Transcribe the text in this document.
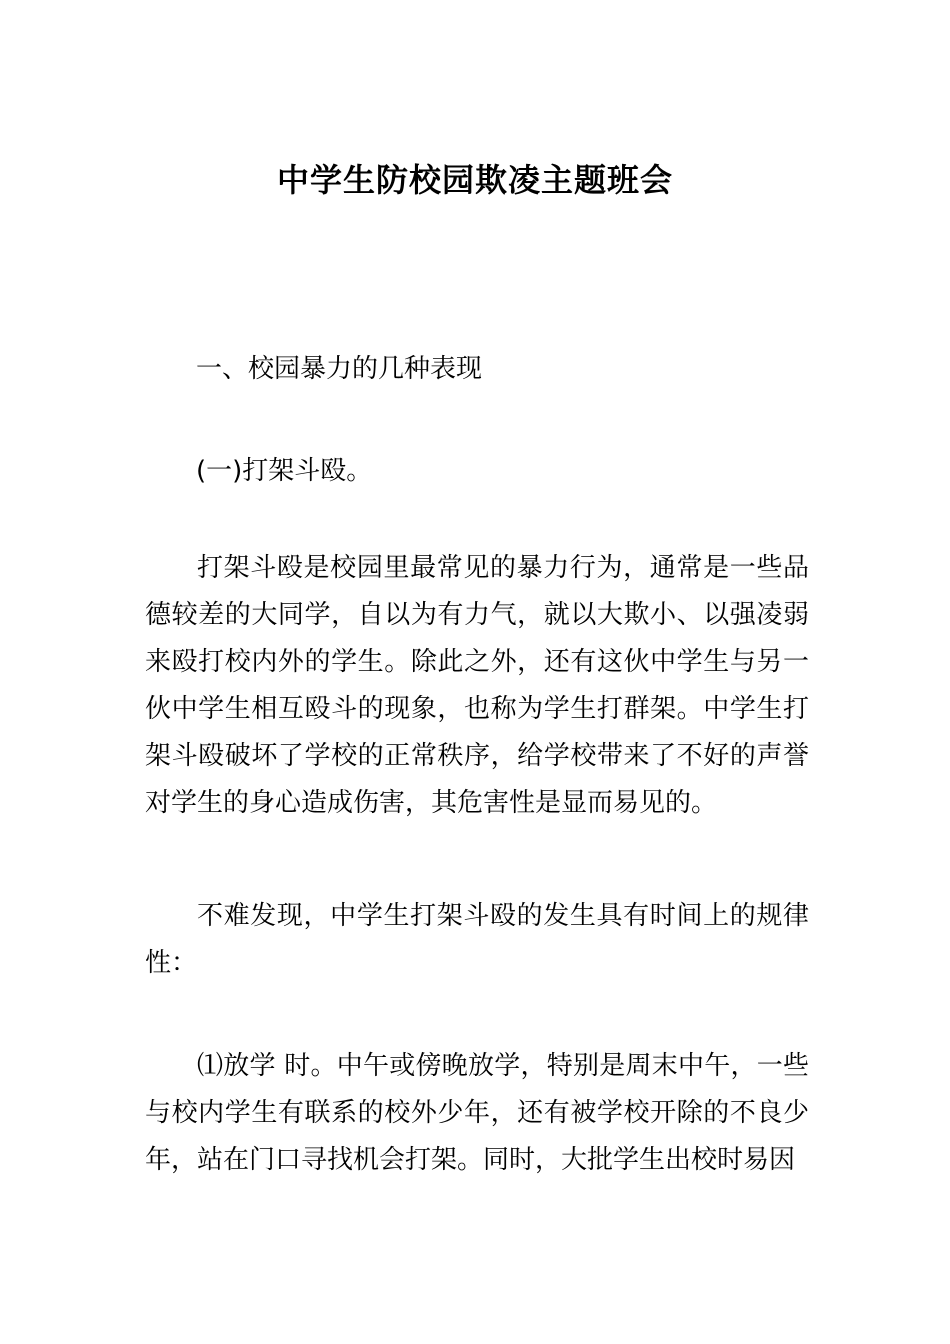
中学生防校园欺凌主题班会

一、校园暴力的几种表现

(一)打架斗殴。

打架斗殴是校园里最常见的暴力行为，通常是一些品德较差的大同学，自以为有力气，就以大欺小、以强凌弱来殴打校内外的学生。除此之外，还有这伙中学生与另一伙中学生相互殴斗的现象，也称为学生打群架。中学生打架斗殴破坏了学校的正常秩序，给学校带来了不好的声誉对学生的身心造成伤害，其危害性是显而易见的。

不难发现，中学生打架斗殴的发生具有时间上的规律性：

⑴放学 时。中午或傍晚放学，特别是周末中午，一些与校内学生有联系的校外少年，还有被学校开除的不良少年，站在门口寻找机会打架。同时，大批学生出校时易因
